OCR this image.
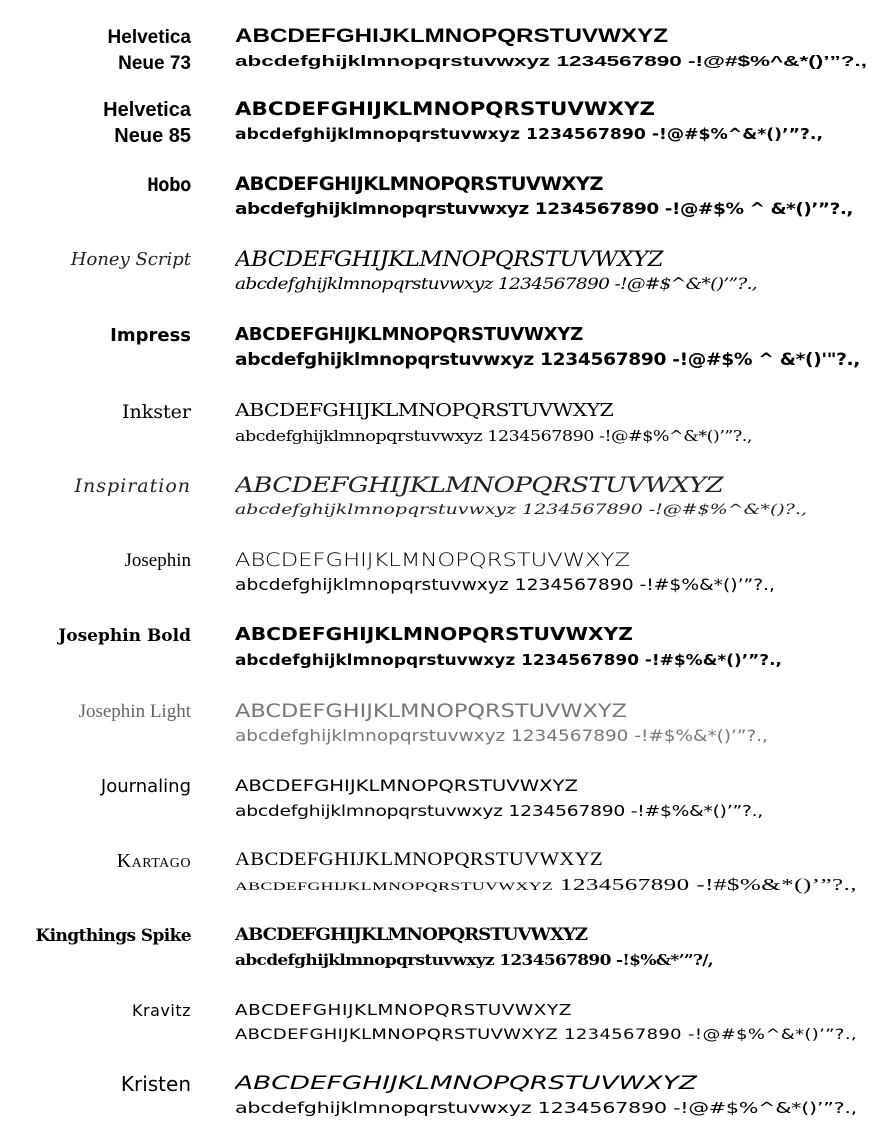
Helvetica
Neue 73
ABCDEFGHIJKLMNOPQRSTUVWXYZ
abcdefghijklmnopqrstuvwxyz 1234567890 -!@#$%^&*()’”?.,
Helvetica
Neue 85
ABCDEFGHIJKLMNOPQRSTUVWXYZ
abcdefghijklmnopqrstuvwxyz 1234567890 -!@#$%^&*()’”?.,
Hobo ABCDEFGHIJKLMNOPQRSTUVWXYZ
abcdefghijklmnopqrstuvwxyz 1234567890 -!@#$% ^ &*()’”?.,
Honey Script ABCDEFGHIJKLMNOPQRSTUVWXYZ
abcdefghijklmnopqrstuvwxyz 1234567890 -!@#$^&*()’”?.,
Impress ABCDEFGHIJKLMNOPQRSTUVWXYZ
abcdefghijklmnopqrstuvwxyz 1234567890 -!@#$% ^ &*()'"?.,
Inkster ABCDEFGHIJKLMNOPQRSTUVWXYZ
abcdefghijklmnopqrstuvwxyz 1234567890 -!@#$%^&*()’”?.,
Inspiration ABCDEFGHIJKLMNOPQRSTUVWXYZ
abcdefghijklmnopqrstuvwxyz 1234567890 -!@#$%^&*()?.,
Josephin ABCDEFGHIJKLMNOPQRSTUVWXYZ
abcdefghijklmnopqrstuvwxyz 1234567890 -!#$%&*()’”?.,
Josephin Bold ABCDEFGHIJKLMNOPQRSTUVWXYZ
abcdefghijklmnopqrstuvwxyz 1234567890 -!#$%&*()’”?.,
Josephin Light ABCDEFGHIJKLMNOPQRSTUVWXYZ
abcdefghijklmnopqrstuvwxyz 1234567890 -!#$%&*()’”?.,
Journaling	ABCDEFGHIJKLMNOPQRSTUVWXYZ
abcdefghijklmnopqrstuvwxyz 1234567890 -!#$%&*()’”?.,
Kartago ABCDEFGHIJKLMNOPQRSTUVWXYZ
abcdefghijklmnopqrstuvwxyz 1234567890 -!#$%&*()’”?.,
Kingthings Spike	ABCDEFGHIJKLMNOPQRSTUVWXYZ
abcdefghijklmnopqrstuvwxyz 1234567890 -!$%&*’”?/,
Kravitz	ABCDEFGHIJKLMNOPQRSTUVWXYZ
ABCDEFGHIJKLMNOPQRSTUVWXYZ 1234567890 -!@#$%^&*()’”?.,
Kristen ABCDEFGHIJKLMNOPQRSTUVWXYZ
abcdefghijklmnopqrstuvwxyz 1234567890 -!@#$%^&*()’”?.,
